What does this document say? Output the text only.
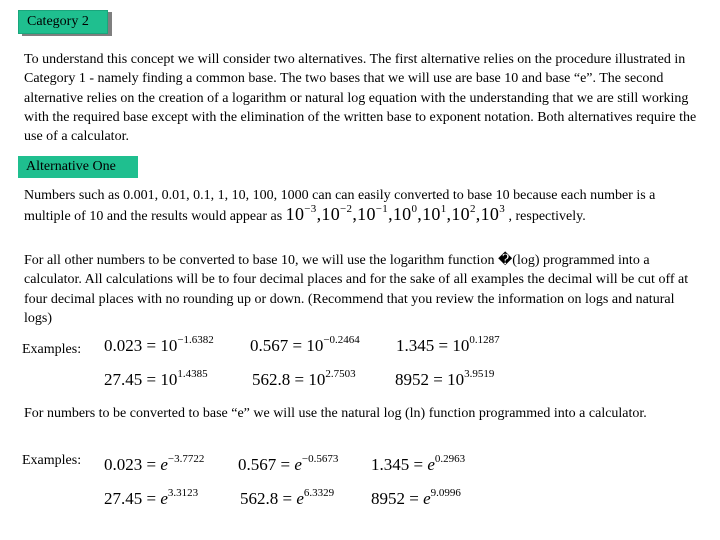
Category 2

To understand this concept we will consider two alternatives. The first alternative relies on the procedure illustrated in Category 1 - namely finding a common base. The two bases that we will use are base 10 and base “e”. The second alternative relies on the creation of a logarithm or natural log equation with the understanding that we are still working with the required base except with the elimination of the written base to exponent notation. Both alternatives require the use of a calculator.

Alternative One

Numbers such as 0.001, 0.01, 0.1, 1, 10, 100, 1000 can can easily converted to base 10 because each number is a multiple of 10 and the results would appear as $10^{-3},10^{-2},10^{-1},10^0,10^1,10^2,10^3$ , respectively.

For all other numbers to be converted to base 10, we will use the logarithm function �(log) programmed into a calculator. All calculations will be to four decimal places and for the sake of all examples the decimal will be cut off at four decimal places with no rounding up or down. (Recommend that you review the information on logs and natural logs)

Examples: $0.023 = 10^{-1.6382}$ $0.567 = 10^{-0.2464}$ $1.345 = 10^{0.1287}$
$27.45 = 10^{1.4385}$	$562.8 = 10^{2.7503}$ $8952 = 10^{3.9519}$

For numbers to be converted to base “e” we will use the natural log (ln) function programmed into a calculator.

Examples: $0.023 = e^{-3.7722}$ $0.567 = e^{-0.5673}$ $1.345 = e^{0.2963}$
$27.45 = e^{3.3123}$ $562.8 = e^{6.3329}$ $8952 = e^{9.0996}$
